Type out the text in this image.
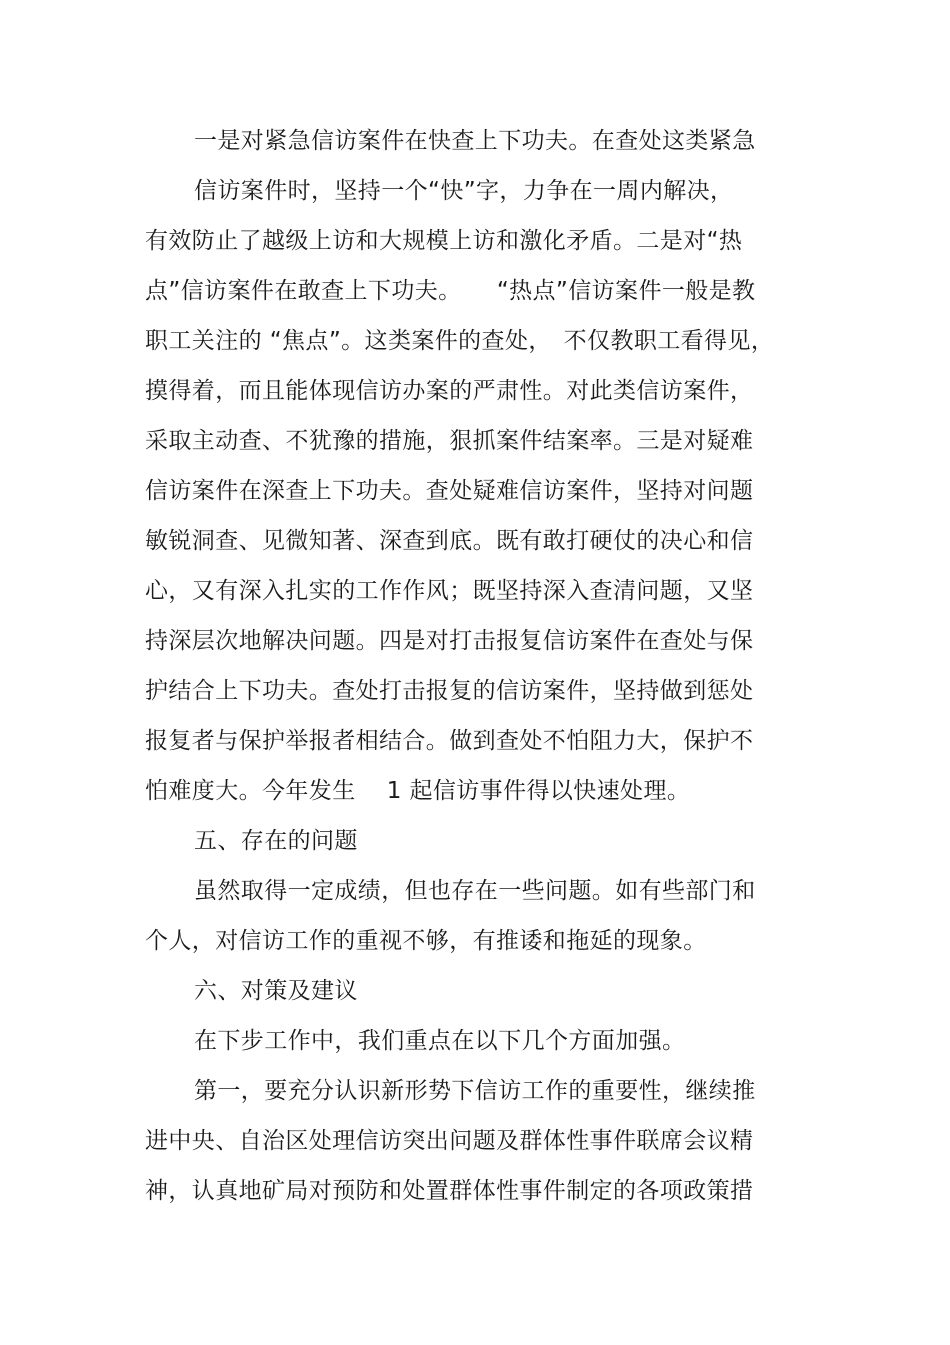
一是对紧急信访案件在快查上下功夫。在查处这类紧急
信访案件时，坚持一个“快”字，力争在一周内解决，
有效防止了越级上访和大规模上访和激化矛盾。二是对“热
点”信访案件在敢查上下功夫。　　“热点”信访案件一般是教
职工关注的 “焦点”。这类案件的查处，　不仅教职工看得见，
摸得着，而且能体现信访办案的严肃性。对此类信访案件，
采取主动查、不犹豫的措施，狠抓案件结案率。三是对疑难
信访案件在深查上下功夫。查处疑难信访案件，坚持对问题
敏锐洞查、见微知著、深查到底。既有敢打硬仗的决心和信
心，又有深入扎实的工作作风；既坚持深入查清问题，又坚
持深层次地解决问题。四是对打击报复信访案件在查处与保
护结合上下功夫。查处打击报复的信访案件，坚持做到惩处
报复者与保护举报者相结合。做到查处不怕阻力大，保护不
怕难度大。今年发生　 1 起信访事件得以快速处理。
五、存在的问题
虽然取得一定成绩，但也存在一些问题。如有些部门和
个人，对信访工作的重视不够，有推诿和拖延的现象。
六、对策及建议
在下步工作中，我们重点在以下几个方面加强。
第一，要充分认识新形势下信访工作的重要性，继续推
进中央、自治区处理信访突出问题及群体性事件联席会议精
神，认真地矿局对预防和处置群体性事件制定的各项政策措
